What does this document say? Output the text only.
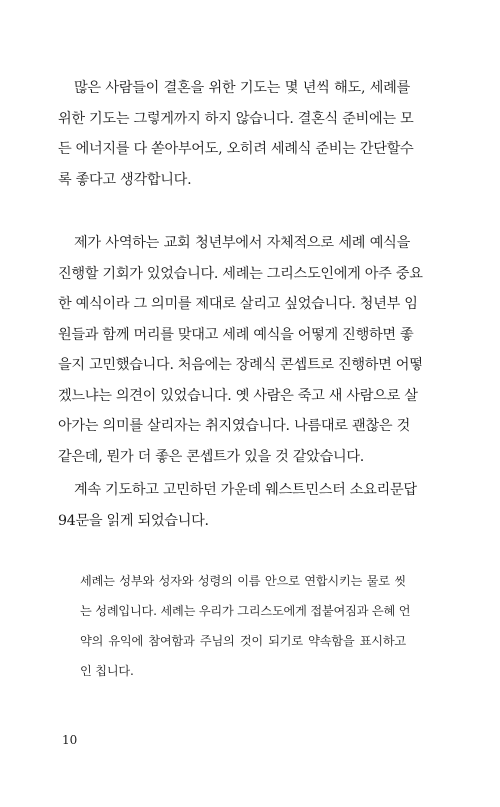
많은 사람들이 결혼을 위한 기도는 몇 년씩 해도, 세례를
위한 기도는 그렇게까지 하지 않습니다. 결혼식 준비에는 모
든 에너지를 다 쏟아부어도, 오히려 세례식 준비는 간단할수
록 좋다고 생각합니다.
제가 사역하는 교회 청년부에서 자체적으로 세례 예식을
진행할 기회가 있었습니다. 세례는 그리스도인에게 아주 중요
한 예식이라 그 의미를 제대로 살리고 싶었습니다. 청년부 임
원들과 함께 머리를 맞대고 세례 예식을 어떻게 진행하면 좋
을지 고민했습니다. 처음에는 장례식 콘셉트로 진행하면 어떻
겠느냐는 의견이 있었습니다. 옛 사람은 죽고 새 사람으로 살
아가는 의미를 살리자는 취지였습니다. 나름대로 괜찮은 것
같은데, 뭔가 더 좋은 콘셉트가 있을 것 같았습니다.
계속 기도하고 고민하던 가운데 웨스트민스터 소요리문답
94문을 읽게 되었습니다.
세례는 성부와 성자와 성령의 이름 안으로 연합시키는 물로 씻
는 성례입니다. 세례는 우리가 그리스도에게 접붙여짐과 은혜 언
약의 유익에 참여함과 주님의 것이 되기로 약속함을 표시하고
인 칩니다.
10
